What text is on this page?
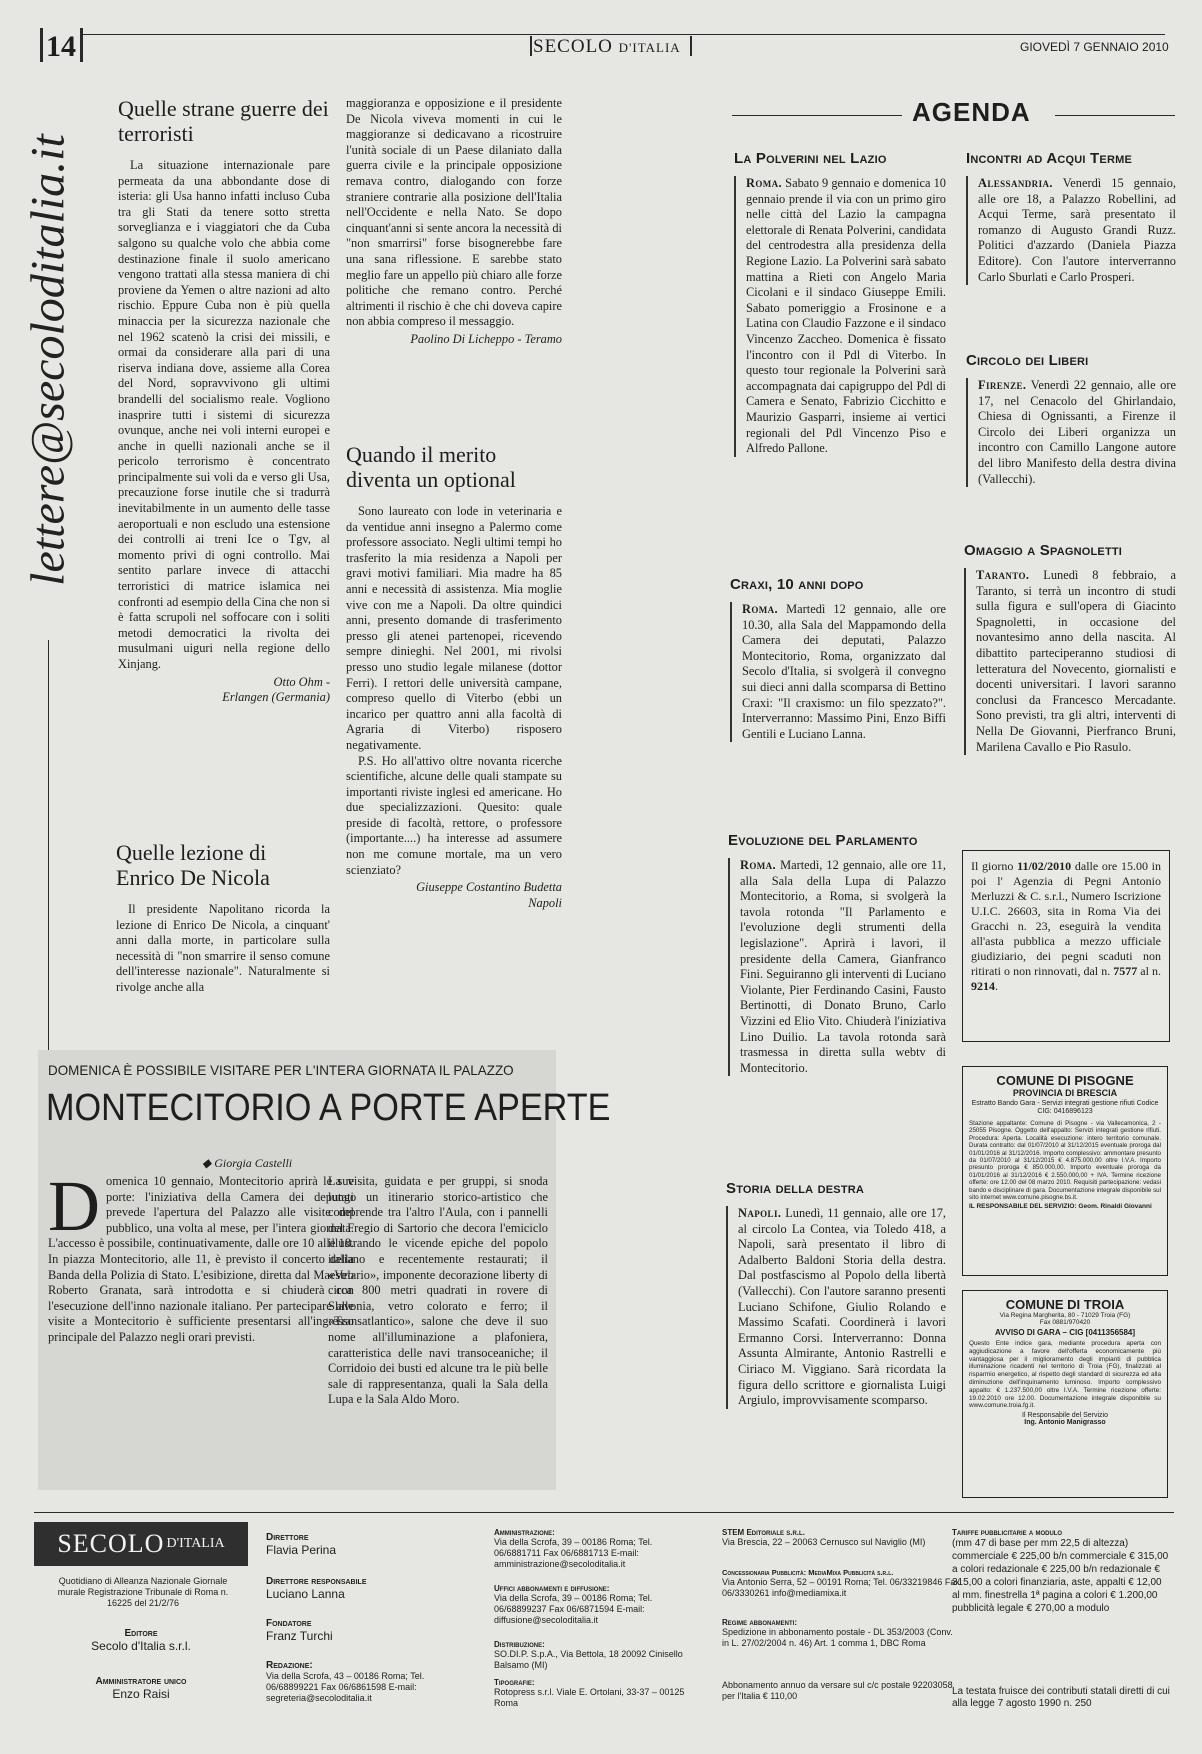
14	SECOLO D'ITALIA	GIOVEDÌ 7 GENNAIO 2010
lettere@secoloditalia.it
Quelle strane guerre dei terroristi

La situazione internazionale pare permeata da una abbondante dose di isteria: gli Usa hanno infatti incluso Cuba tra gli Stati da tenere sotto stretta sorveglianza e i viaggiatori che da Cuba salgono su qualche volo che abbia come destinazione finale il suolo americano vengono trattati alla stessa maniera di chi proviene da Yemen o altre nazioni ad alto rischio. Eppure Cuba non è più quella minaccia per la sicurezza nazionale che nel 1962 scatenò la crisi dei missili, e ormai da considerare alla pari di una riserva indiana dove, assieme alla Corea del Nord, sopravvivono gli ultimi brandelli del socialismo reale. Vogliono inasprire tutti i sistemi di sicurezza ovunque, anche nei voli interni europei e anche in quelli nazionali anche se il pericolo terrorismo è concentrato principalmente sui voli da e verso gli Usa, precauzione forse inutile che si tradurrà inevitabilmente in un aumento delle tasse aeroportuali e non escludo una estensione dei controlli ai treni Ice o Tgv, al momento privi di ogni controllo. Mai sentito parlare invece di attacchi terroristici di matrice islamica nei confronti ad esempio della Cina che non si è fatta scrupoli nel soffocare con i soliti metodi democratici la rivolta dei musulmani uiguri nella regione dello Xinjang.

Otto Ohm -

Erlangen (Germania)

Quelle lezione di Enrico De Nicola

Il presidente Napolitano ricorda la lezione di Enrico De Nicola, a cinquant' anni dalla morte, in particolare sulla necessità di "non smarrire il senso comune dell'interesse nazionale". Naturalmente si rivolge anche alla

maggioranza e opposizione e il presidente De Nicola viveva momenti in cui le maggioranze si dedicavano a ricostruire l'unità sociale di un Paese dilaniato dalla guerra civile e la principale opposizione remava contro, dialogando con forze straniere contrarie alla posizione dell'Italia nell'Occidente e nella Nato. Se dopo cinquant'anni si sente ancora la necessità di "non smarrirsi" forse bisognerebbe fare una sana riflessione. E sarebbe stato meglio fare un appello più chiaro alle forze politiche che remano contro. Perché altrimenti il rischio è che chi doveva capire non abbia compreso il messaggio.

Paolino Di Licheppo - Teramo

Quando il merito diventa un optional

Sono laureato con lode in veterinaria e da ventidue anni insegno a Palermo come professore associato. Negli ultimi tempi ho trasferito la mia residenza a Napoli per gravi motivi familiari. Mia madre ha 85 anni e necessità di assistenza. Mia moglie vive con me a Napoli. Da oltre quindici anni, presento domande di trasferimento presso gli atenei partenopei, ricevendo sempre dinieghi. Nel 2001, mi rivolsi presso uno studio legale milanese (dottor Ferri). I rettori delle università campane, compreso quello di Viterbo (ebbi un incarico per quattro anni alla facoltà di Agraria di Viterbo) risposero negativamente.

P.S. Ho all'attivo oltre novanta ricerche scientifiche, alcune delle quali stampate su importanti riviste inglesi ed americane. Ho due specializzazioni. Quesito: quale preside di facoltà, rettore, o professore (importante....) ha interesse ad assumere non me comune mortale, ma un vero scienziato?

Giuseppe Costantino Budetta

Napoli

DOMENICA È POSSIBILE VISITARE PER L'INTERA GIORNATA IL PALAZZO
MONTECITORIO A PORTE APERTE
◆ Giorgia Castelli
D omenica 10 gennaio, Montecitorio aprirà le sue porte: l'iniziativa della Camera dei deputati prevede l'apertura del Palazzo alle visite del pubblico, una volta al mese, per l'intera giornata. L'accesso è possibile, continuativamente, dalle ore 10 alle 18. In piazza Montecitorio, alle 11, è previsto il concerto della Banda della Polizia di Stato. L'esibizione, diretta dal Maestro Roberto Granata, sarà introdotta e si chiuderà con l'esecuzione dell'inno nazionale italiano. Per partecipare alle visite a Montecitorio è sufficiente presentarsi all'ingresso principale del Palazzo negli orari previsti.

La visita, guidata e per gruppi, si snoda lungo un itinerario storico-artistico che comprende tra l'altro l'Aula, con i pannelli del Fregio di Sartorio che decora l'emiciclo illustrando le vicende epiche del popolo italiano e recentemente restaurati; il «Velario», imponente decorazione liberty di circa 800 metri quadrati in rovere di Slavonia, vetro colorato e ferro; il «Transatlantico», salone che deve il suo nome all'illuminazione a plafoniera, caratteristica delle navi transoceaniche; il Corridoio dei busti ed alcune tra le più belle sale di rappresentanza, quali la Sala della Lupa e la Sala Aldo Moro.

AGENDA
La Polverini nel Lazio

Roma. Sabato 9 gennaio e domenica 10 gennaio prende il via con un primo giro nelle città del Lazio la campagna elettorale di Renata Polverini, candidata del centrodestra alla presidenza della Regione Lazio. La Polverini sarà sabato mattina a Rieti con Angelo Maria Cicolani e il sindaco Giuseppe Emili. Sabato pomeriggio a Frosinone e a Latina con Claudio Fazzone e il sindaco Vincenzo Zaccheo. Domenica è fissato l'incontro con il Pdl di Viterbo. In questo tour regionale la Polverini sarà accompagnata dai capigruppo del Pdl di Camera e Senato, Fabrizio Cicchitto e Maurizio Gasparri, insieme ai vertici regionali del Pdl Vincenzo Piso e Alfredo Pallone.

Craxi, 10 anni dopo

Roma. Martedì 12 gennaio, alle ore 10.30, alla Sala del Mappamondo della Camera dei deputati, Palazzo Montecitorio, Roma, organizzato dal Secolo d'Italia, si svolgerà il convegno sui dieci anni dalla scomparsa di Bettino Craxi: "Il craxismo: un filo spezzato?". Interverranno: Massimo Pini, Enzo Biffi Gentili e Luciano Lanna.

Evoluzione del Parlamento

Roma. Martedì, 12 gennaio, alle ore 11, alla Sala della Lupa di Palazzo Montecitorio, a Roma, si svolgerà la tavola rotonda "Il Parlamento e l'evoluzione degli strumenti della legislazione". Aprirà i lavori, il presidente della Camera, Gianfranco Fini. Seguiranno gli interventi di Luciano Violante, Pier Ferdinando Casini, Fausto Bertinotti, di Donato Bruno, Carlo Vizzini ed Elio Vito. Chiuderà l'iniziativa Lino Duilio. La tavola rotonda sarà trasmessa in diretta sulla webtv di Montecitorio.

Storia della destra

Napoli. Lunedì, 11 gennaio, alle ore 17, al circolo La Contea, via Toledo 418, a Napoli, sarà presentato il libro di Adalberto Baldoni Storia della destra. Dal postfascismo al Popolo della libertà (Vallecchi). Con l'autore saranno presenti Luciano Schifone, Giulio Rolando e Massimo Scafati. Coordinerà i lavori Ermanno Corsi. Interverranno: Donna Assunta Almirante, Antonio Rastrelli e Ciriaco M. Viggiano. Sarà ricordata la figura dello scrittore e giornalista Luigi Argiulo, improvvisamente scomparso.

Incontri ad Acqui Terme

Alessandria. Venerdì 15 gennaio, alle ore 18, a Palazzo Robellini, ad Acqui Terme, sarà presentato il romanzo di Augusto Grandi Ruzz. Politici d'azzardo (Daniela Piazza Editore). Con l'autore interverranno Carlo Sburlati e Carlo Prosperi.

Circolo dei Liberi

Firenze. Venerdì 22 gennaio, alle ore 17, nel Cenacolo del Ghirlandaio, Chiesa di Ognissanti, a Firenze il Circolo dei Liberi organizza un incontro con Camillo Langone autore del libro Manifesto della destra divina (Vallecchi).

Omaggio a Spagnoletti

Taranto. Lunedì 8 febbraio, a Taranto, si terrà un incontro di studi sulla figura e sull'opera di Giacinto Spagnoletti, in occasione del novantesimo anno della nascita. Al dibattito parteciperanno studiosi di letteratura del Novecento, giornalisti e docenti universitari. I lavori saranno conclusi da Francesco Mercadante. Sono previsti, tra gli altri, interventi di Nella De Giovanni, Pierfranco Bruni, Marilena Cavallo e Pio Rasulo.

Il giorno 11/02/2010 dalle ore 15.00 in poi l' Agenzia di Pegni Antonio Merluzzi & C. s.r.l., Numero Iscrizione U.I.C. 26603, sita in Roma Via dei Gracchi n. 23, eseguirà la vendita all'asta pubblica a mezzo ufficiale giudiziario, dei pegni scaduti non ritirati o non rinnovati, dal n. 7577 al n. 9214.

COMUNE DI PISOGNE
PROVINCIA DI BRESCIA
Estratto Bando Gara - Servizi integrati gestione rifiuti Codice CIG: 0416896123
Stazione appaltante: Comune di Pisogne - via Vallecamonica, 2 - 25055 Pisogne. Oggetto dell'appalto: Servizi integrati gestione rifiuti. Procedura: Aperta. Località esecuzione: intero territorio comunale. Durata contratto: dal 01/07/2010 al 31/12/2015 eventuale proroga dal 01/01/2016 al 31/12/2016. Importo complessivo: ammontare presunto da 01/07/2010 al 31/12/2015 € 4.875.000,00 oltre I.V.A. Importo presunto proroga € 850.000,00. Importo eventuale proroga da 01/01/2016 al 31/12/2016 € 2.550.000,00 + IVA. Termine ricezione offerte: ore 12.00 del 08 marzo 2010. Requisiti partecipazione: vedasi bando e disciplinare di gara. Documentazione integrale disponibile sul sito internet www.comune.pisogne.bs.it.
IL RESPONSABILE DEL SERVIZIO: Geom. Rinaldi Giovanni
COMUNE DI TROIA
Via Regina Margherita, 80 - 71029 Troia (FG)
Fax 0881/970420
AVVISO DI GARA – CIG [0411356584]
Questo Ente indice gara, mediante procedura aperta con aggiudicazione a favore dell'offerta economicamente più vantaggiosa per il miglioramento degli impianti di pubblica illuminazione ricadenti nel territorio di Troia (FG), finalizzati al risparmio energetico, al rispetto degli standard di sicurezza ed alla diminuzione dell'inquinamento luminoso. Importo complessivo appalto: € 1.237.500,00 oltre I.V.A. Termine ricezione offerte: 19.02.2010 ore 12.00. Documentazione integrale disponibile su www.comune.troia.fg.it.
Il Responsabile del Servizio
Ing. Antonio Manigrasso
SECOLO D'ITALIA
Quotidiano di Alleanza Nazionale Giornale murale Registrazione Tribunale di Roma n. 16225 del 21/2/76
Editore
Secolo d'Italia s.r.l.
Amministratore unico
Enzo Raisi
Direttore
Flavia Perina
Direttore responsabile
Luciano Lanna
Fondatore
Franz Turchi
Redazione:
Via della Scrofa, 43 – 00186 Roma; Tel. 06/68899221 Fax 06/6861598 E-mail: segreteria@secoloditalia.it
Amministrazione:
Via della Scrofa, 39 – 00186 Roma; Tel. 06/6881711 Fax 06/6881713 E-mail: amministrazione@secoloditalia.it
Uffici abbonamenti e diffusione:
Via della Scrofa, 39 – 00186 Roma; Tel. 06/68899237 Fax 06/6871594 E-mail: diffusione@secoloditalia.it
Distribuzione:
SO.DI.P. S.p.A., Via Bettola, 18 20092 Cinisello Balsamo (MI)
Tipografie:
Rotopress s.r.l. Viale E. Ortolani, 33-37 – 00125 Roma
STEM Editoriale s.r.l.
Via Brescia, 22 – 20063 Cernusco sul Naviglio (MI)
Concessionaria Pubblicità: MediaMixa Pubblicità s.r.l.
Via Antonio Serra, 52 – 00191 Roma; Tel. 06/33219846 Fax 06/3330261 info@mediamixa.it
Regime abbonamenti:
Spedizione in abbonamento postale - DL 353/2003 (Conv. in L. 27/02/2004 n. 46) Art. 1 comma 1, DBC Roma
Abbonamento annuo da versare sul c/c postale 92203058 per l'Italia € 110,00
Tariffe pubblicitarie a modulo
(mm 47 di base per mm 22,5 di altezza) commerciale € 225,00 b/n commerciale € 315,00 a colori redazionale € 225,00 b/n redazionale € 315,00 a colori finanziaria, aste, appalti € 12,00 al mm. finestrella 1ª pagina a colori € 1.200,00 pubblicità legale € 270,00 a modulo
La testata fruisce dei contributi statali diretti di cui alla legge 7 agosto 1990 n. 250
